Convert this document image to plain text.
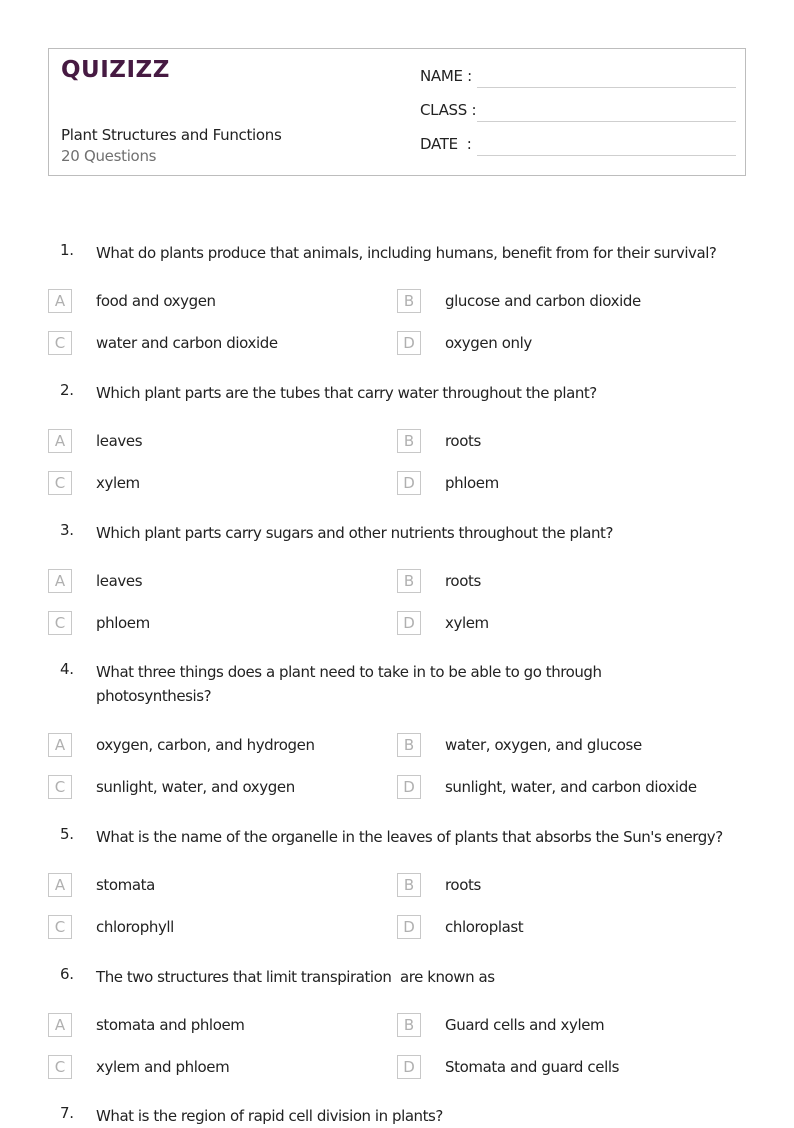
QUIZIZZ
Plant Structures and Functions
20 Questions
NAME :
CLASS :
DATE  :
1. What do plants produce that animals, including humans, benefit from for their survival?
A	food and oxygen	B	glucose and carbon dioxide
C	water and carbon dioxide	D	oxygen only
2. Which plant parts are the tubes that carry water throughout the plant?
A	leaves	B	roots
C	xylem	D	phloem
3. Which plant parts carry sugars and other nutrients throughout the plant?
A	leaves	B	roots
C	phloem	D	xylem
4. What three things does a plant need to take in to be able to go through photosynthesis?
A	oxygen, carbon, and hydrogen	B	water, oxygen, and glucose
C	sunlight, water, and oxygen	D	sunlight, water, and carbon dioxide
5. What is the name of the organelle in the leaves of plants that absorbs the Sun's energy?
A	stomata	B	roots
C	chlorophyll	D	chloroplast
6. The two structures that limit transpiration  are known as
A	stomata and phloem	B	Guard cells and xylem
C	xylem and phloem	D	Stomata and guard cells
7. What is the region of rapid cell division in plants?
